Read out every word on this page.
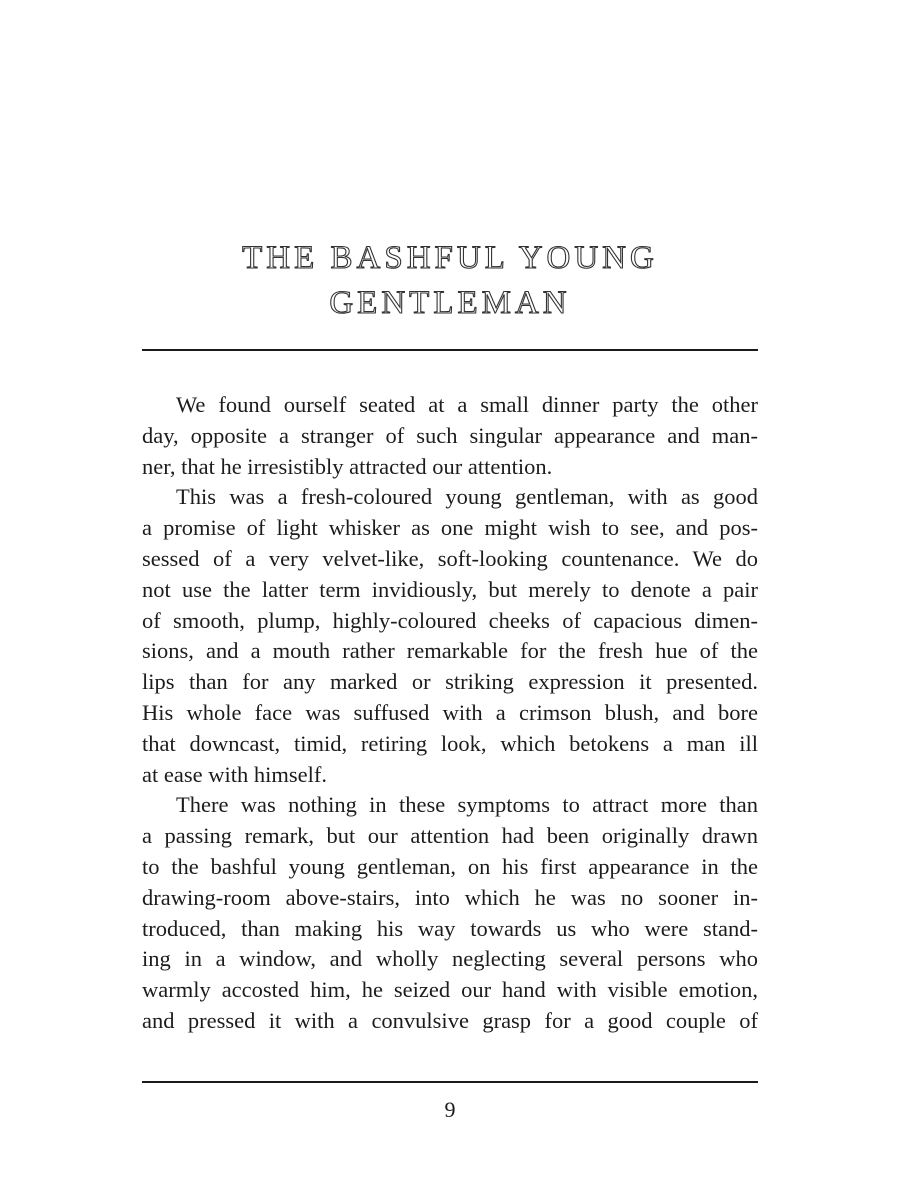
THE BASHFUL YOUNG
GENTLEMAN
We found ourself seated at a small dinner party the other
day, opposite a stranger of such singular appearance and man-
ner, that he irresistibly attracted our attention.
This was a fresh-coloured young gentleman, with as good
a promise of light whisker as one might wish to see, and pos-
sessed of a very velvet-like, soft-looking countenance. We do
not use the latter term invidiously, but merely to denote a pair
of smooth, plump, highly-coloured cheeks of capacious dimen-
sions, and a mouth rather remarkable for the fresh hue of the
lips than for any marked or striking expression it presented.
His whole face was suffused with a crimson blush, and bore
that downcast, timid, retiring look, which betokens a man ill
at ease with himself.
There was nothing in these symptoms to attract more than
a passing remark, but our attention had been originally drawn
to the bashful young gentleman, on his first appearance in the
drawing-room above-stairs, into which he was no sooner in-
troduced, than making his way towards us who were stand-
ing in a window, and wholly neglecting several persons who
warmly accosted him, he seized our hand with visible emotion,
and pressed it with a convulsive grasp for a good couple of
9
